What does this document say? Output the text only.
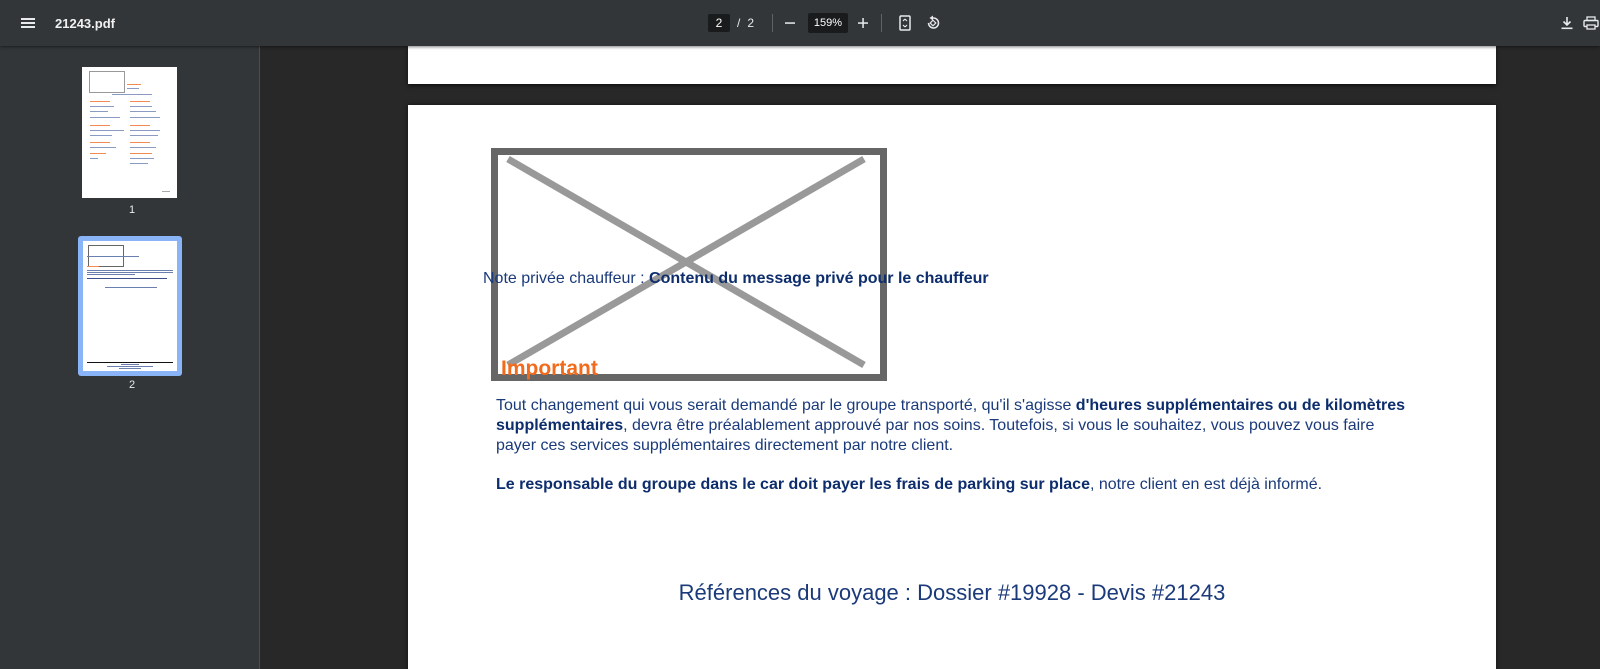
21243.pdf
2	/ 2
159%
1
2
Note privée chauffeur : Contenu du message privé pour le chauffeur
Important
Tout changement qui vous serait demandé par le groupe transporté, qu'il s'agisse d'heures supplémentaires ou de kilomètres supplémentaires, devra être préalablement approuvé par nos soins. Toutefois, si vous le souhaitez, vous pouvez vous faire payer ces services supplémentaires directement par notre client.
Le responsable du groupe dans le car doit payer les frais de parking sur place, notre client en est déjà informé.
Références du voyage : Dossier #19928 - Devis #21243
